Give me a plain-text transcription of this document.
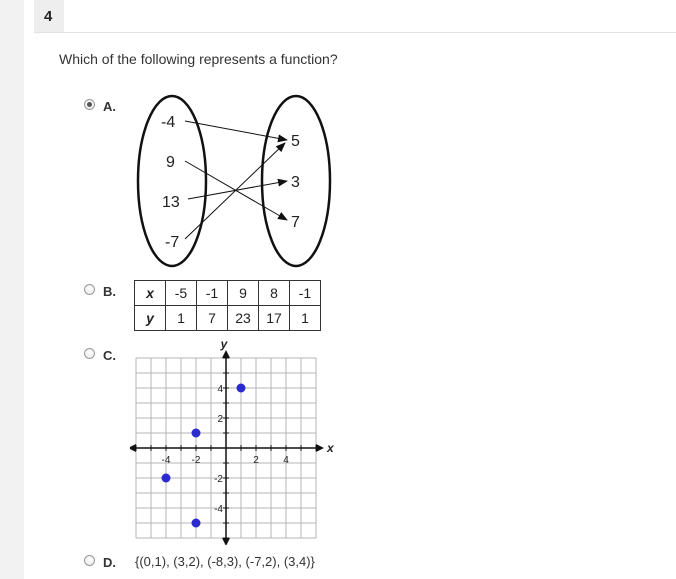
4
Which of the following represents a function?
A.
-4
9
13
-7
5
3
7
B. x	-5	-1	9	8	-1
y	1	7	23	17	1
C.
-4 -2	2 4
4
2
-2
-4
x
y
D. {(0,1), (3,2), (-8,3), (-7,2), (3,4)}
